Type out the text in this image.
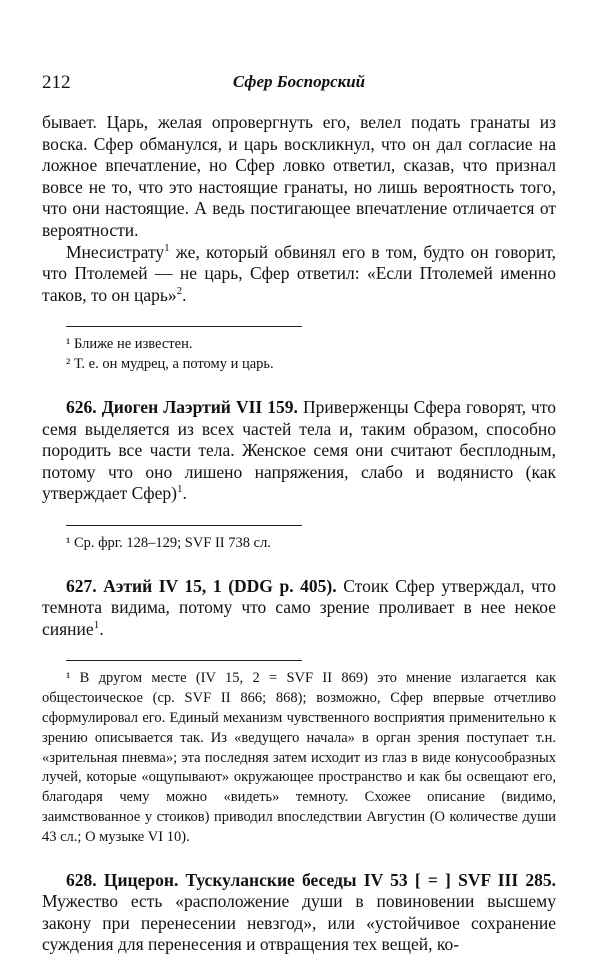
212	Сфер Боспорский

бывает. Царь, желая опровергнуть его, велел подать гранаты из воска. Сфер обманулся, и царь воскликнул, что он дал согласие на ложное впечатление, но Сфер ловко ответил, сказав, что признал вовсе не то, что это настоящие гранаты, но лишь вероятность того, что они настоящие. А ведь постигающее впечатление отличается от вероятности.

Мнесистрату$^1$ же, который обвинял его в том, будто он говорит, что Птолемей — не царь, Сфер ответил: «Если Птолемей именно таков, то он царь»$^2$.

¹ Ближе не известен.

² Т. е. он мудрец, а потому и царь.

626. Диоген Лаэртий VII 159. Приверженцы Сфера говорят, что семя выделяется из всех частей тела и, таким образом, способно породить все части тела. Женское семя они считают бесплодным, потому что оно лишено напряжения, слабо и водянисто (как утверждает Сфер)$^1$.

¹ Ср. фрг. 128–129; SVF II 738 сл.

627. Аэтий IV 15, 1 (DDG p. 405). Стоик Сфер утверждал, что темнота видима, потому что само зрение проливает в нее некое сияние$^1$.

¹ В другом месте (IV 15, 2 = SVF II 869) это мнение излагается как общестоическое (ср. SVF II 866; 868); возможно, Сфер впервые отчетливо сформулировал его. Единый механизм чувственного восприятия применительно к зрению описывается так. Из «ведущего начала» в орган зрения поступает т.н. «зрительная пневма»; эта последняя затем исходит из глаз в виде конусообразных лучей, которые «ощупывают» окружающее пространство и как бы освещают его, благодаря чему можно «видеть» темноту. Схожее описание (видимо, заимствованное у стоиков) приводил впоследствии Августин (О количестве души 43 сл.; О музыке VI 10).

628. Цицерон. Тускуланские беседы IV 53 [ = ] SVF III 285. Мужество есть «расположение души в повиновении высшему закону при перенесении невзгод», или «устойчивое сохранение суждения для перенесения и отвращения тех вещей, ко-
